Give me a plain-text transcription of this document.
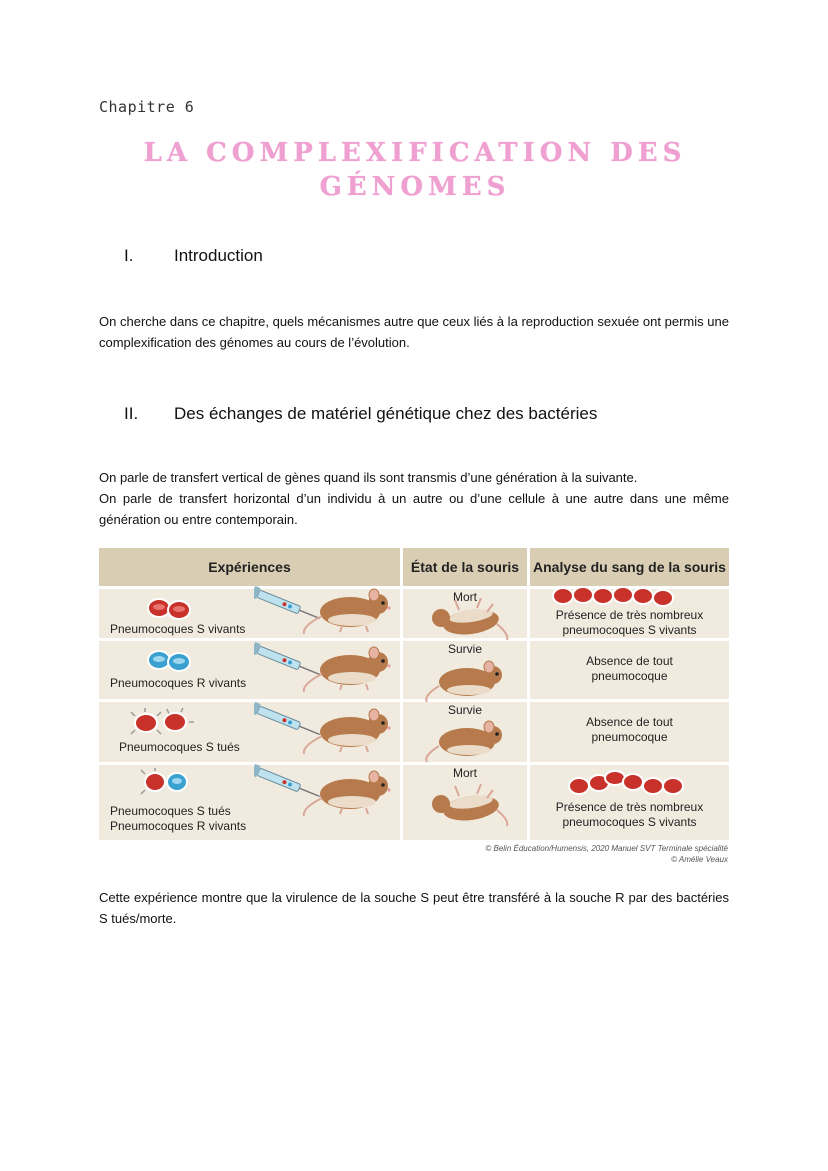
Chapitre 6
LA COMPLEXIFICATION DES
GÉNOMES
I. Introduction

On cherche dans ce chapitre, quels mécanismes autre que ceux liés à la reproduction sexuée ont permis une complexification des génomes au cours de l’évolution.

II. Des échanges de matériel génétique chez des bactéries

On parle de transfert vertical de gènes quand ils sont transmis d’une génération à la suivante.

On parle de transfert horizontal d’un individu à un autre ou d’une cellule à une autre dans une même génération ou entre contemporain.

Expériences	État de la souris Analyse du sang de la souris
Pneumocoques S vivants
Pneumocoques R vivants
Pneumocoques S tués
Pneumocoques S tués
Pneumocoques R vivants
Mort
Survie
Survie
Mort
Présence de très nombreux
pneumocoques S vivants
Absence de tout
pneumocoque
Absence de tout
pneumocoque
Présence de très nombreux
pneumocoques S vivants
© Belin Éducation/Humensis, 2020 Manuel SVT Terminale spécialité
© Amélie Veaux

Cette expérience montre que la virulence de la souche S peut être transféré à la souche R par des bactéries S tués/morte.
